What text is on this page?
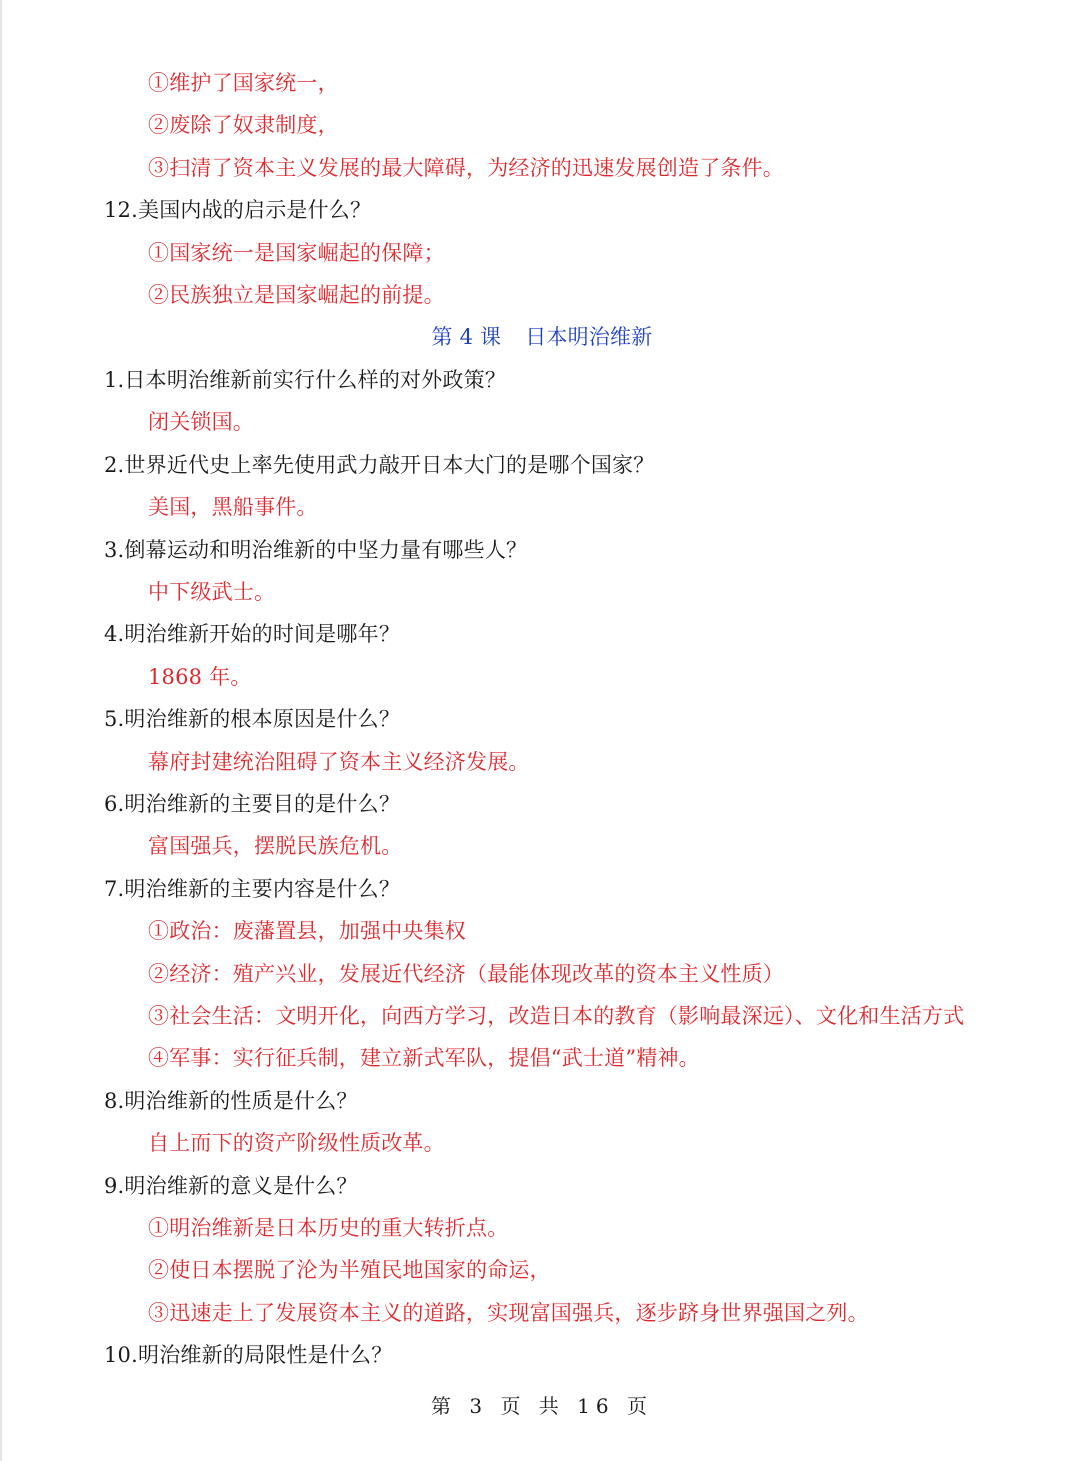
①维护了国家统一，
②废除了奴隶制度，
③扫清了资本主义发展的最大障碍，为经济的迅速发展创造了条件。
12.美国内战的启示是什么？
①国家统一是国家崛起的保障；
②民族独立是国家崛起的前提。
第 4 课 日本明治维新
1.日本明治维新前实行什么样的对外政策？
闭关锁国。
2.世界近代史上率先使用武力敲开日本大门的是哪个国家？
美国，黑船事件。
3.倒幕运动和明治维新的中坚力量有哪些人？
中下级武士。
4.明治维新开始的时间是哪年？
1868 年。
5.明治维新的根本原因是什么？
幕府封建统治阻碍了资本主义经济发展。
6.明治维新的主要目的是什么？
富国强兵，摆脱民族危机。
7.明治维新的主要内容是什么？
①政治：废藩置县，加强中央集权
②经济：殖产兴业，发展近代经济（最能体现改革的资本主义性质）
③社会生活：文明开化，向西方学习，改造日本的教育（影响最深远）、文化和生活方式
④军事：实行征兵制，建立新式军队，提倡“武士道”精神。
8.明治维新的性质是什么？
自上而下的资产阶级性质改革。
9.明治维新的意义是什么？
①明治维新是日本历史的重大转折点。
②使日本摆脱了沦为半殖民地国家的命运，
③迅速走上了发展资本主义的道路，实现富国强兵，逐步跻身世界强国之列。
10.明治维新的局限性是什么？
第 3 页 共 16 页
